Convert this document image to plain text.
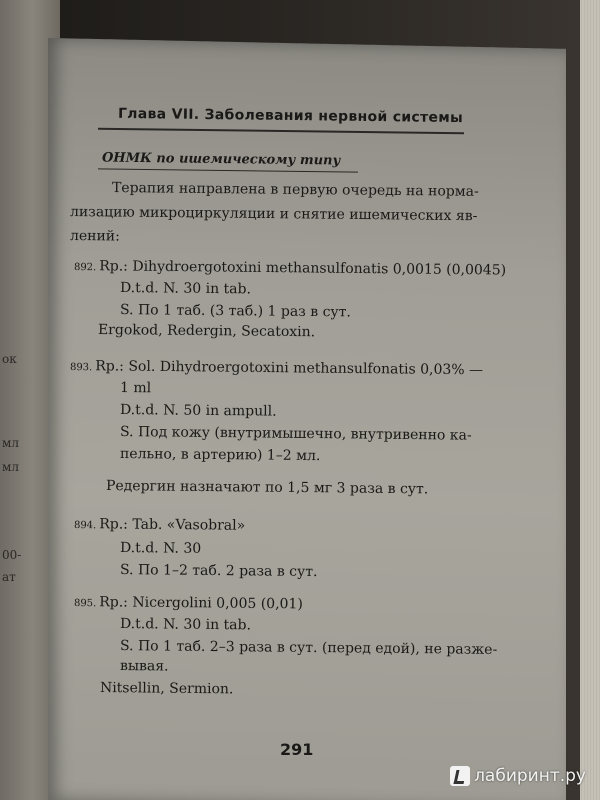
ок
мл
мл
00-
ат
Глава VII. Заболевания нервной системы
ОНМК по ишемическому типу
Терапия направлена в первую очередь на норма-
лизацию микроциркуляции и снятие ишемических яв-
лений:
892. Rp.: Dihydroergotoxini methansulfonatis 0,0015 (0,0045)
D.t.d. N. 30 in tab.
S. По 1 таб. (3 таб.) 1 раз в сут.
Ergokod, Redergin, Secatoxin.
893. Rp.: Sol. Dihydroergotoxini methansulfonatis 0,03% —
1 ml
D.t.d. N. 50 in ampull.
S. Под кожу (внутримышечно, внутривенно ка-
пельно, в артерию) 1–2 мл.
Редергин назначают по 1,5 мг 3 раза в сут.
894. Rp.: Tab. «Vasobral»
D.t.d. N. 30
S. По 1–2 таб. 2 раза в сут.
895. Rp.: Nicergolini 0,005 (0,01)
D.t.d. N. 30 in tab.
S. По 1 таб. 2–3 раза в сут. (перед едой), не разже-
вывая.
Nitsellin, Sermion.
291
лабиринт.ру
